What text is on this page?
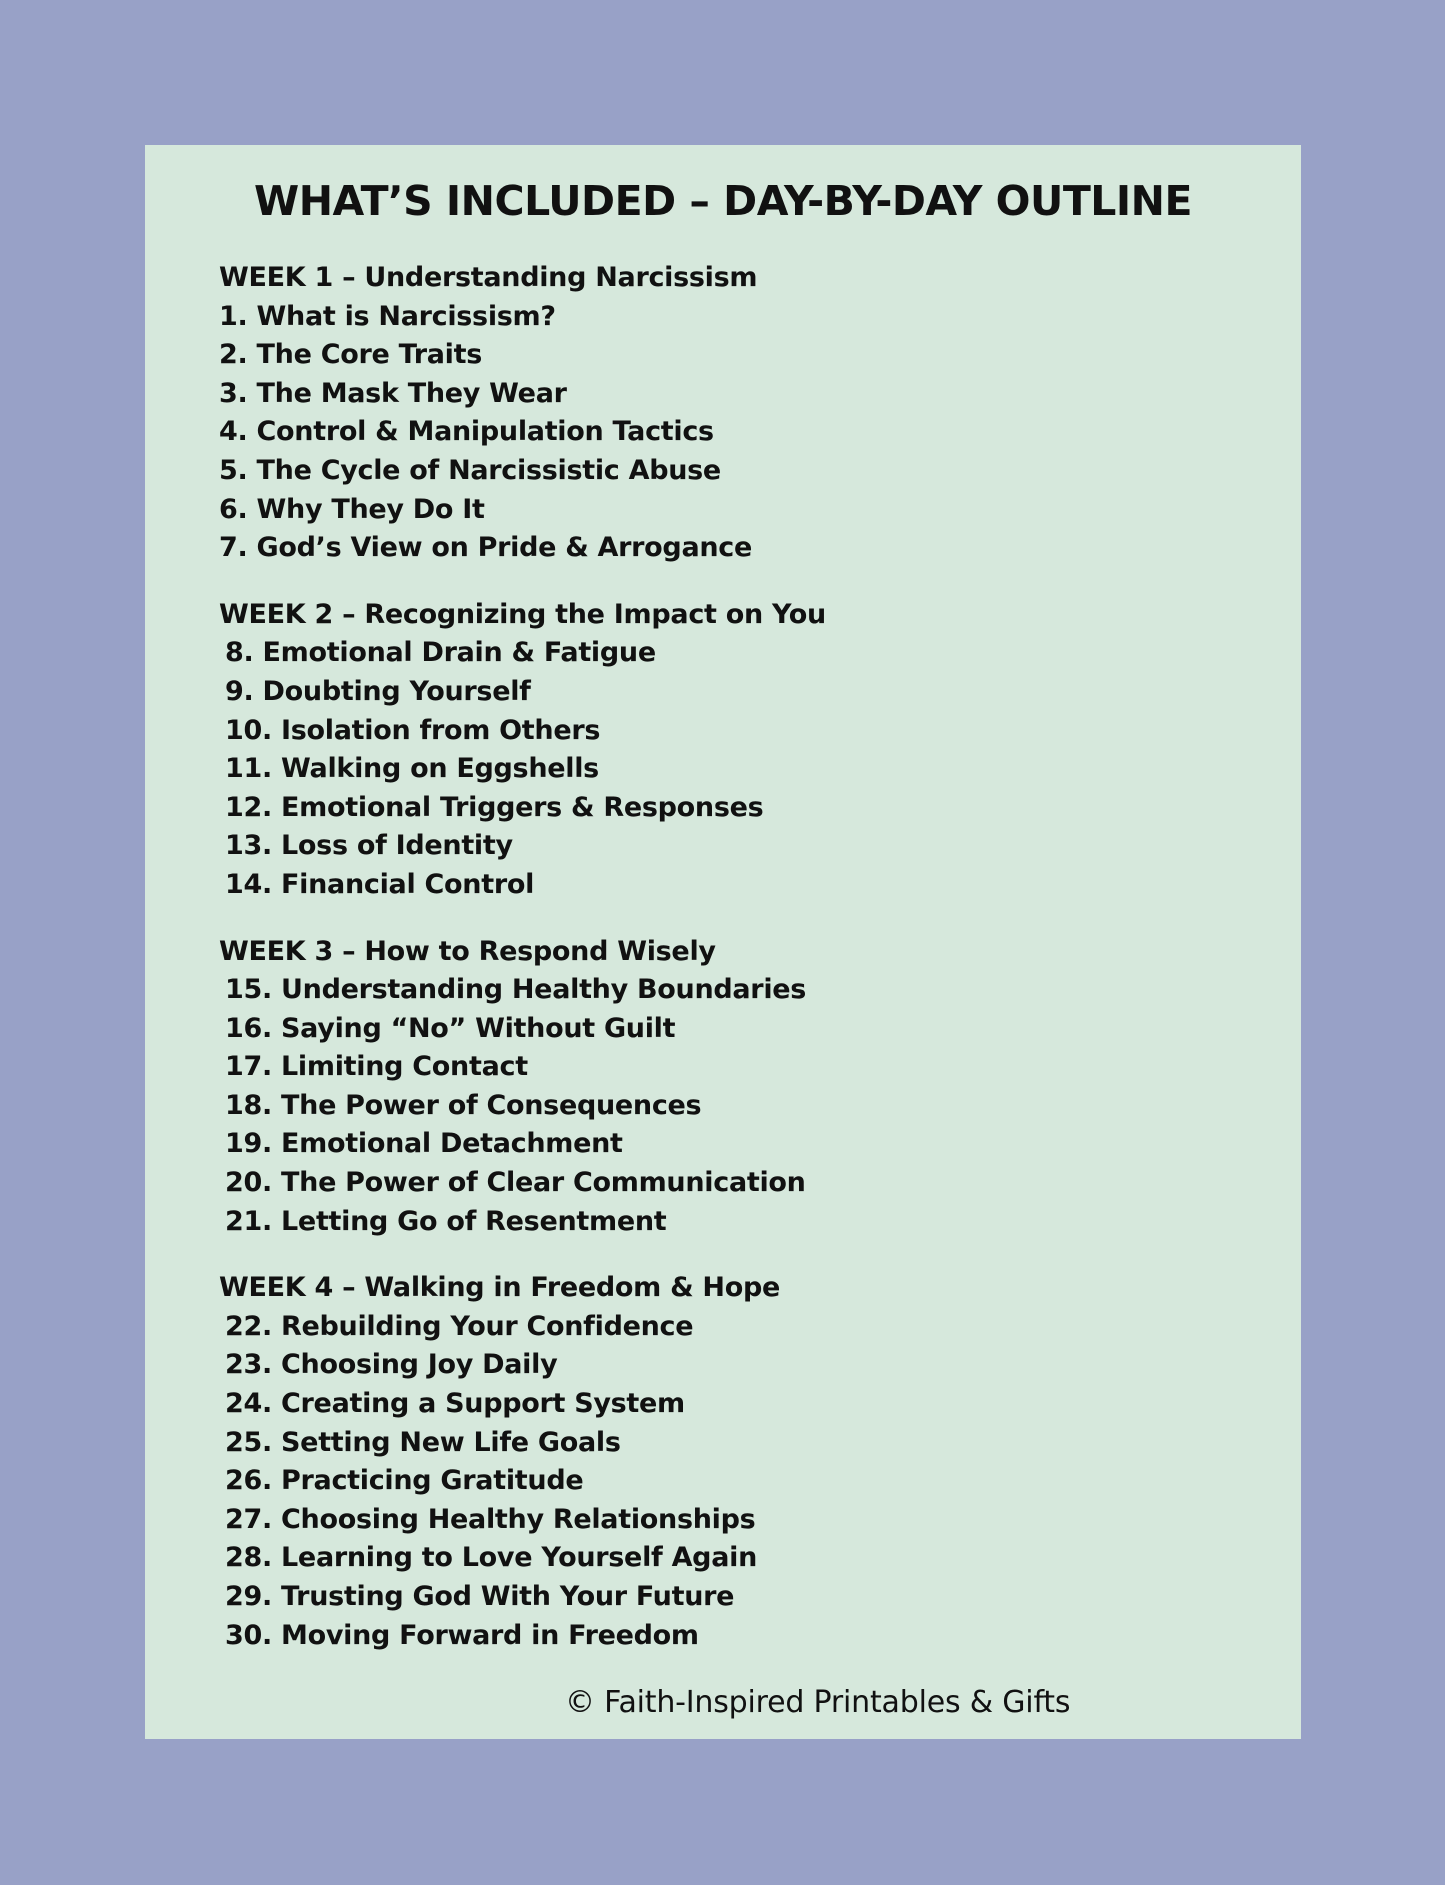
WHAT’S INCLUDED – DAY-BY-DAY OUTLINE
WEEK 1 – Understanding Narcissism
1. What is Narcissism?
2. The Core Traits
3. The Mask They Wear
4. Control & Manipulation Tactics
5. The Cycle of Narcissistic Abuse
6. Why They Do It
7. God’s View on Pride & Arrogance
WEEK 2 – Recognizing the Impact on You
8. Emotional Drain & Fatigue
9. Doubting Yourself
10. Isolation from Others
11. Walking on Eggshells
12. Emotional Triggers & Responses
13. Loss of Identity
14. Financial Control
WEEK 3 – How to Respond Wisely
15. Understanding Healthy Boundaries
16. Saying “No” Without Guilt
17. Limiting Contact
18. The Power of Consequences
19. Emotional Detachment
20. The Power of Clear Communication
21. Letting Go of Resentment
WEEK 4 – Walking in Freedom & Hope
22. Rebuilding Your Confidence
23. Choosing Joy Daily
24. Creating a Support System
25. Setting New Life Goals
26. Practicing Gratitude
27. Choosing Healthy Relationships
28. Learning to Love Yourself Again
29. Trusting God With Your Future
30. Moving Forward in Freedom
© Faith-Inspired Printables & Gifts
